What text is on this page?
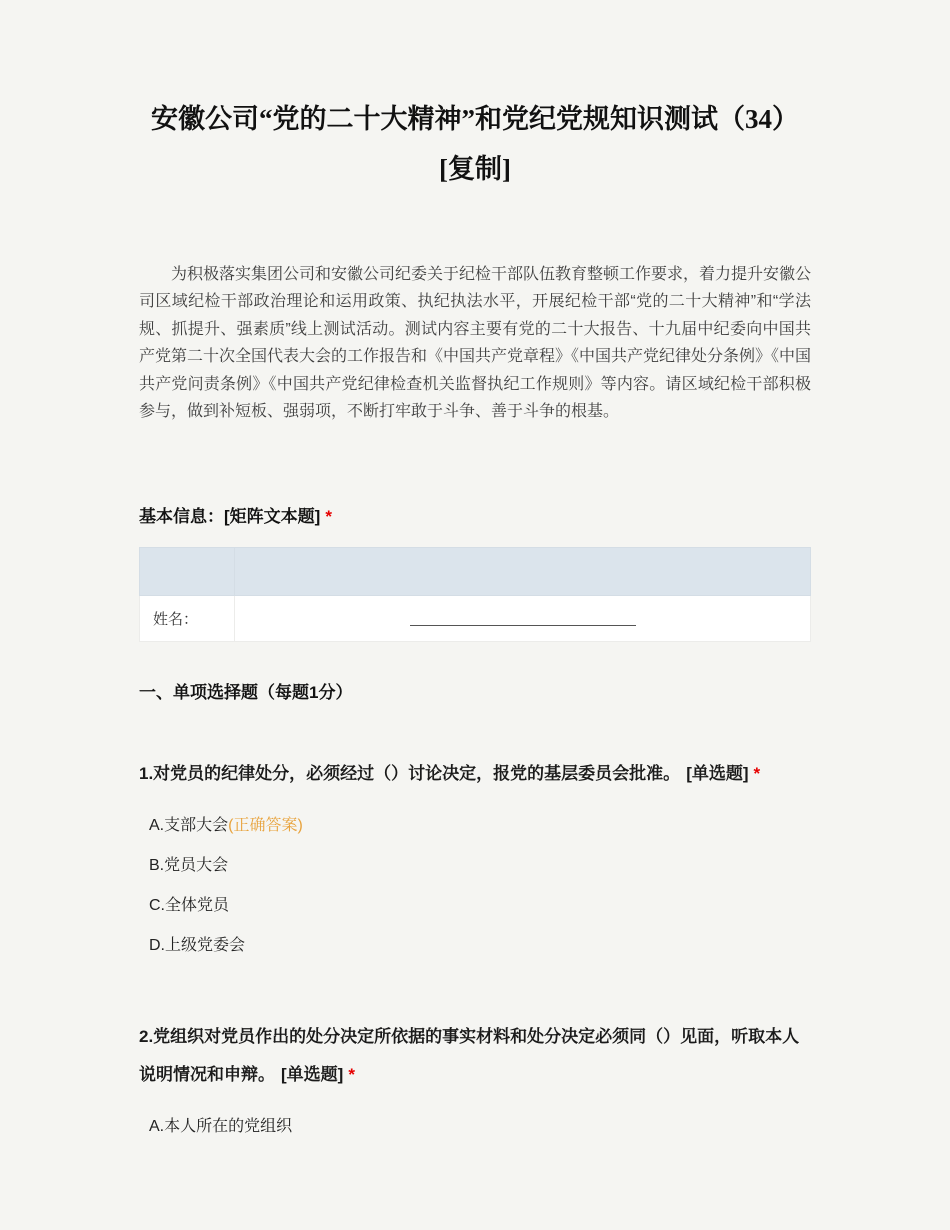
安徽公司“党的二十大精神”和党纪党规知识测试（34）[复制]

为积极落实集团公司和安徽公司纪委关于纪检干部队伍教育整顿工作要求，着力提升安徽公司区域纪检干部政治理论和运用政策、执纪执法水平，开展纪检干部“党的二十大精神”和“学法规、抓提升、强素质”线上测试活动。测试内容主要有党的二十大报告、十九届中纪委向中国共产党第二十次全国代表大会的工作报告和《中国共产党章程》《中国共产党纪律处分条例》《中国共产党问责条例》《中国共产党纪律检查机关监督执纪工作规则》等内容。请区域纪检干部积极参与，做到补短板、强弱项，不断打牢敢于斗争、善于斗争的根基。

基本信息：[矩阵文本题] *

姓名：	
一、单项选择题（每题1分）
1.对党员的纪律处分，必须经过（）讨论决定，报党的基层委员会批准。 [单选题] *
A.支部大会(正确答案)
B.党员大会
C.全体党员
D.上级党委会
2.党组织对党员作出的处分决定所依据的事实材料和处分决定必须同（）见面，听取本人说明情况和申辩。 [单选题] *
A.本人所在的党组织
